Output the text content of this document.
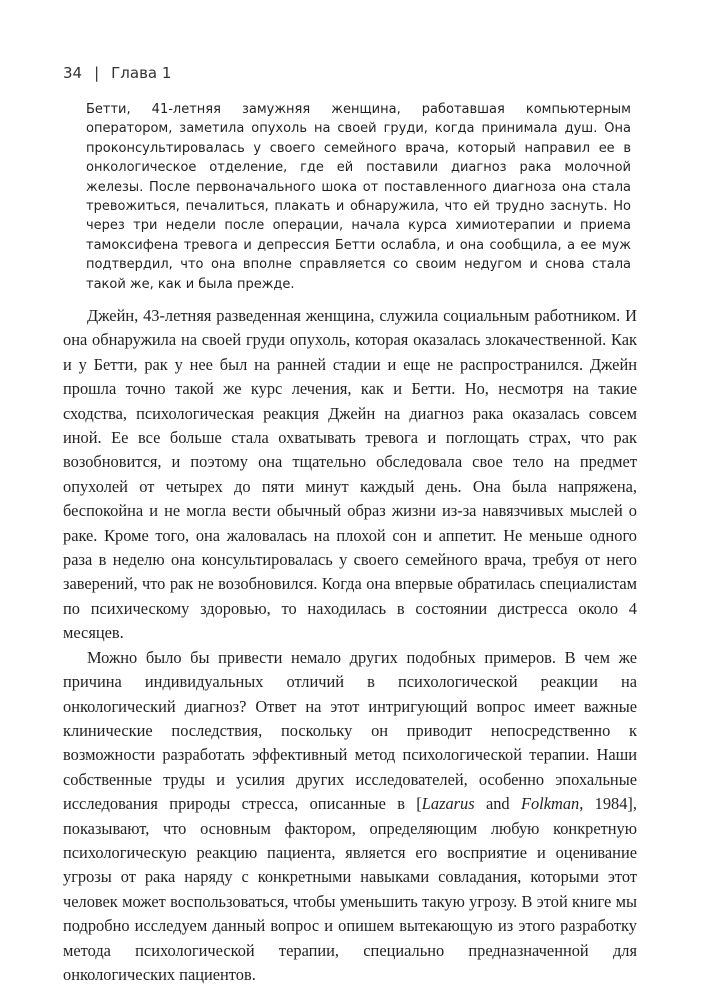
34 | Глава 1

Бетти, 41-летняя замужняя женщина, работавшая компьютерным оператором, заметила опухоль на своей груди, когда принимала душ. Она проконсультировалась у своего семейного врача, который направил ее в онкологическое отделение, где ей поставили диагноз рака молочной железы. После первоначального шока от поставленного диагноза она стала тревожиться, печалиться, плакать и обнаружила, что ей трудно заснуть. Но через три недели после операции, начала курса химиотерапии и приема тамоксифена тревога и депрессия Бетти ослабла, и она сообщила, а ее муж подтвердил, что она вполне справляется со своим недугом и снова стала такой же, как и была прежде.

Джейн, 43-летняя разведенная женщина, служила социальным работником. И она обнаружила на своей груди опухоль, которая оказалась злокачественной. Как и у Бетти, рак у нее был на ранней стадии и еще не распространился. Джейн прошла точно такой же курс лечения, как и Бетти. Но, несмотря на такие сходства, психологическая реакция Джейн на диагноз рака оказалась совсем иной. Ее все больше стала охватывать тревога и поглощать страх, что рак возобновится, и поэтому она тщательно обследовала свое тело на предмет опухолей от четырех до пяти минут каждый день. Она была напряжена, беспокойна и не могла вести обычный образ жизни из-за навязчивых мыслей о раке. Кроме того, она жаловалась на плохой сон и аппетит. Не меньше одного раза в неделю она консультировалась у своего семейного врача, требуя от него заверений, что рак не возобновился. Когда она впервые обратилась специалистам по психическому здоровью, то находилась в состоянии дистресса около 4 месяцев.

Можно было бы привести немало других подобных примеров. В чем же причина индивидуальных отличий в психологической реакции на онкологический диагноз? Ответ на этот интригующий вопрос имеет важные клинические последствия, поскольку он приводит непосредственно к возможности разработать эффективный метод психологической терапии. Наши собственные труды и усилия других исследователей, особенно эпохальные исследования природы стресса, описанные в [Lazarus and Folkman, 1984], показывают, что основным фактором, определяющим любую конкретную психологическую реакцию пациента, является его восприятие и оценивание угрозы от рака наряду с конкретными навыками совладания, которыми этот человек может воспользоваться, чтобы уменьшить такую угрозу. В этой книге мы подробно исследуем данный вопрос и опишем вытекающую из этого разработку метода психологической терапии, специально предназначенной для онкологических пациентов.
